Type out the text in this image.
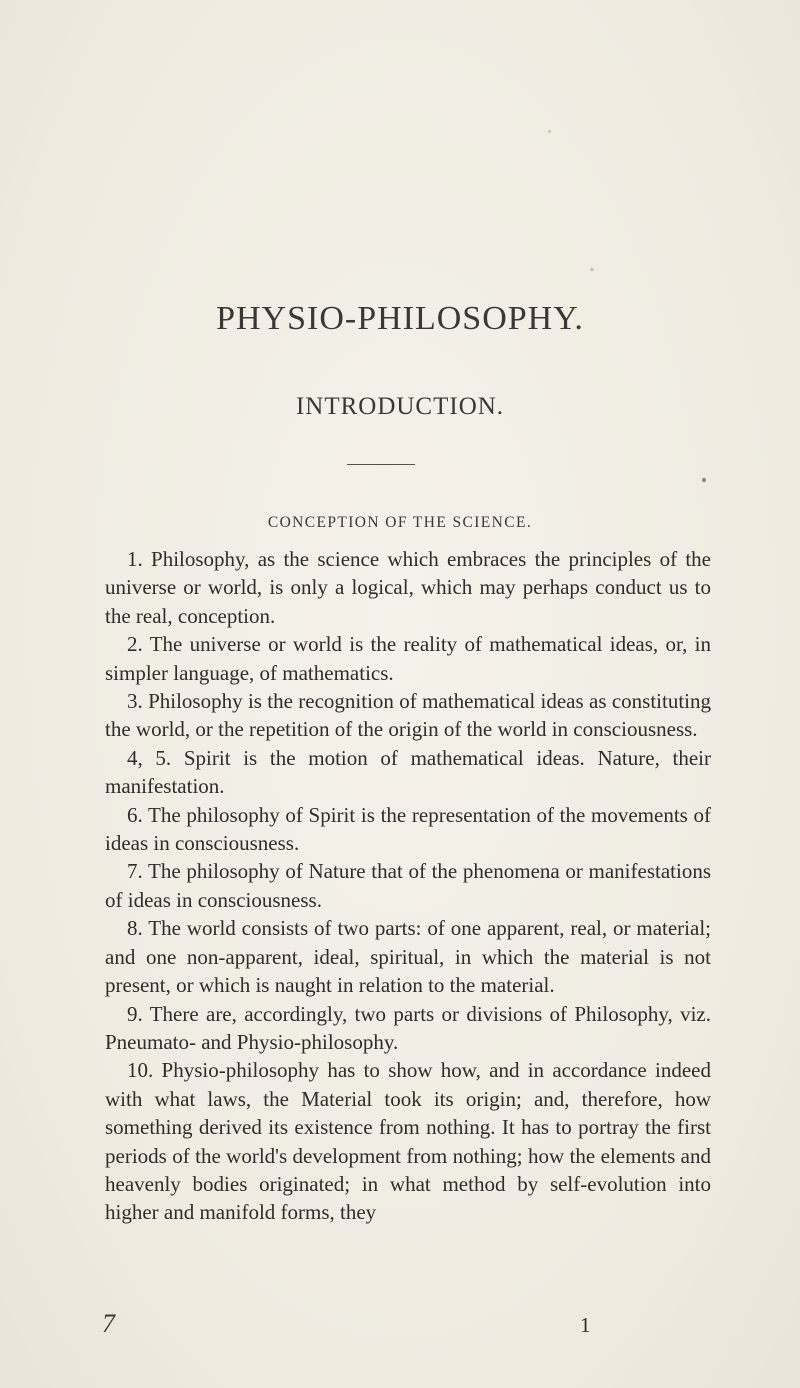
PHYSIO-PHILOSOPHY.
INTRODUCTION.
CONCEPTION OF THE SCIENCE.

1. Philosophy, as the science which embraces the principles of the universe or world, is only a logical, which may perhaps conduct us to the real, conception.

2. The universe or world is the reality of mathematical ideas, or, in simpler language, of mathematics.

3. Philosophy is the recognition of mathematical ideas as constituting the world, or the repetition of the origin of the world in consciousness.

4, 5. Spirit is the motion of mathematical ideas. Nature, their manifestation.

6. The philosophy of Spirit is the representation of the movements of ideas in consciousness.

7. The philosophy of Nature that of the phenomena or manifestations of ideas in consciousness.

8. The world consists of two parts: of one apparent, real, or material; and one non-apparent, ideal, spiritual, in which the material is not present, or which is naught in relation to the material.

9. There are, accordingly, two parts or divisions of Philosophy, viz. Pneumato- and Physio-philosophy.

10. Physio-philosophy has to show how, and in accordance indeed with what laws, the Material took its origin; and, therefore, how something derived its existence from nothing. It has to portray the first periods of the world's development from nothing; how the elements and heavenly bodies originated; in what method by self-evolution into higher and manifold forms, they

7	1
